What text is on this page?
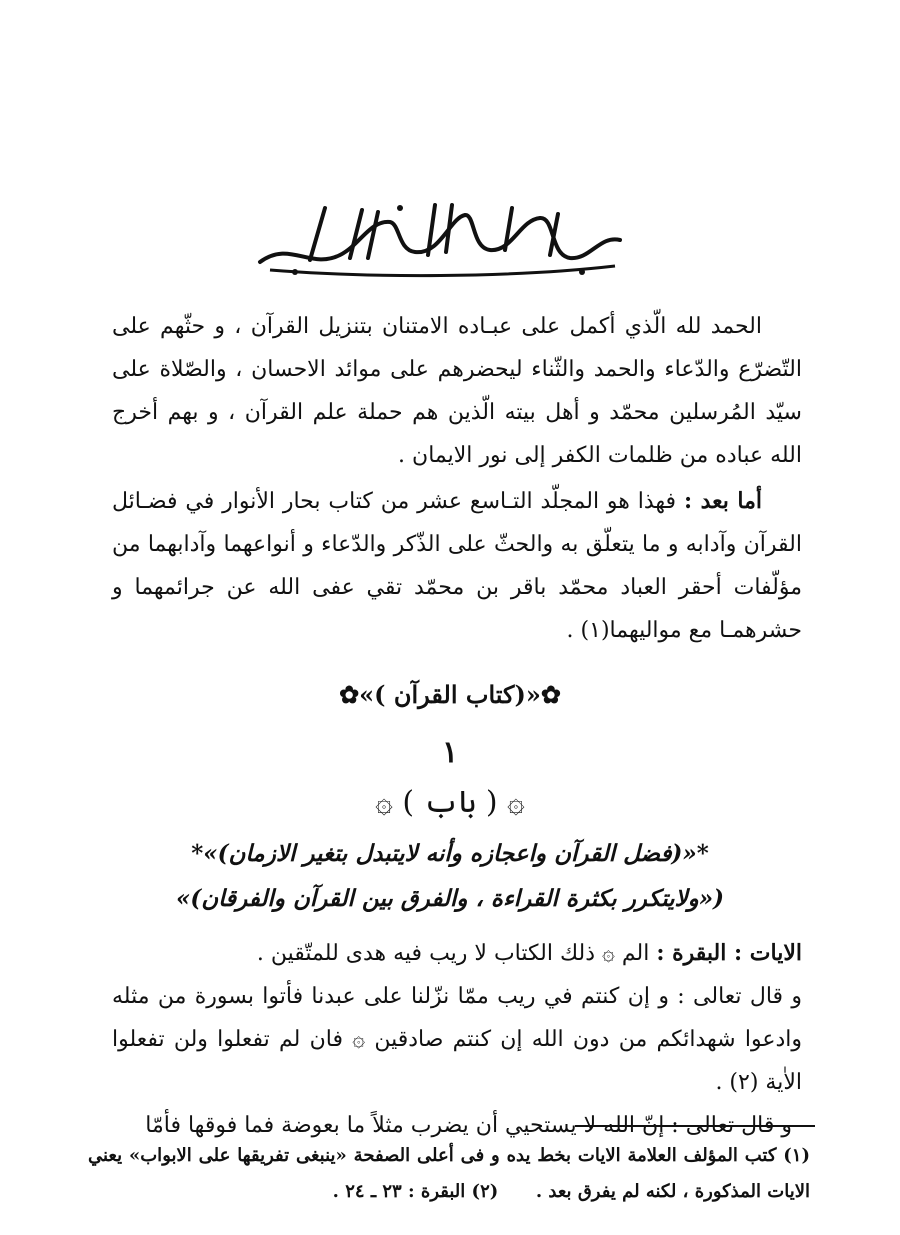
الحمد لله الّذي أكمل على عبـاده الامتنان بتنزيل القرآن ، و حثّهم على التّضرّع والدّعاء والحمد والثّناء ليحضرهم على موائد الاحسان ، والصّلاة على سيّد المُرسلين محمّد و أهل بيته الّذين هم حملة علم القرآن ، و بهم أخرج الله عباده من ظلمات الكفر إلى نور الايمان .

أما بعد : فهذا هو المجلّد التـاسع عشر من كتاب بحار الأنوار في فضـائل القرآن وآدابه و ما يتعلّق به والحثّ على الذّكر والدّعاء و أنواعهما وآدابهما من مؤلّفات أحقر العباد محمّد باقر بن محمّد تقي عفى الله عن جرائمهما و حشرهمـا مع مواليهما(١) .

✿«(كتاب القرآن )»✿
١
۞ ( باب ) ۞
*«(فضل القرآن واعجازه وأنه لايتبدل بتغير الازمان)»*
(«ولايتكرر بكثرة القراءة ، والفرق بين القرآن والفرقان)»

الايات : البقرة : الم ۞ ذلك الكتاب لا ريب فيه هدى للمتّقين .

و قال تعالى : و إن كنتم في ريب ممّا نزّلنا على عبدنا فأتوا بسورة من مثله وادعوا شهدائكم من دون الله إن كنتم صادقين ۞ فان لم تفعلوا ولن تفعلوا الاٰية (٢) .

و قال تعالى : إنّ الله لا يستحيي أن يضرب مثلاً ما بعوضة فما فوقها فأمّا

(١) كتب المؤلف العلامة الايات بخط يده و فى أعلى الصفحة «ينبغى تفريقها على الابواب» يعني الايات المذكورة ، لكنه لم يفرق بعد .      (٢) البقرة : ٢٣ ـ ٢٤ .
